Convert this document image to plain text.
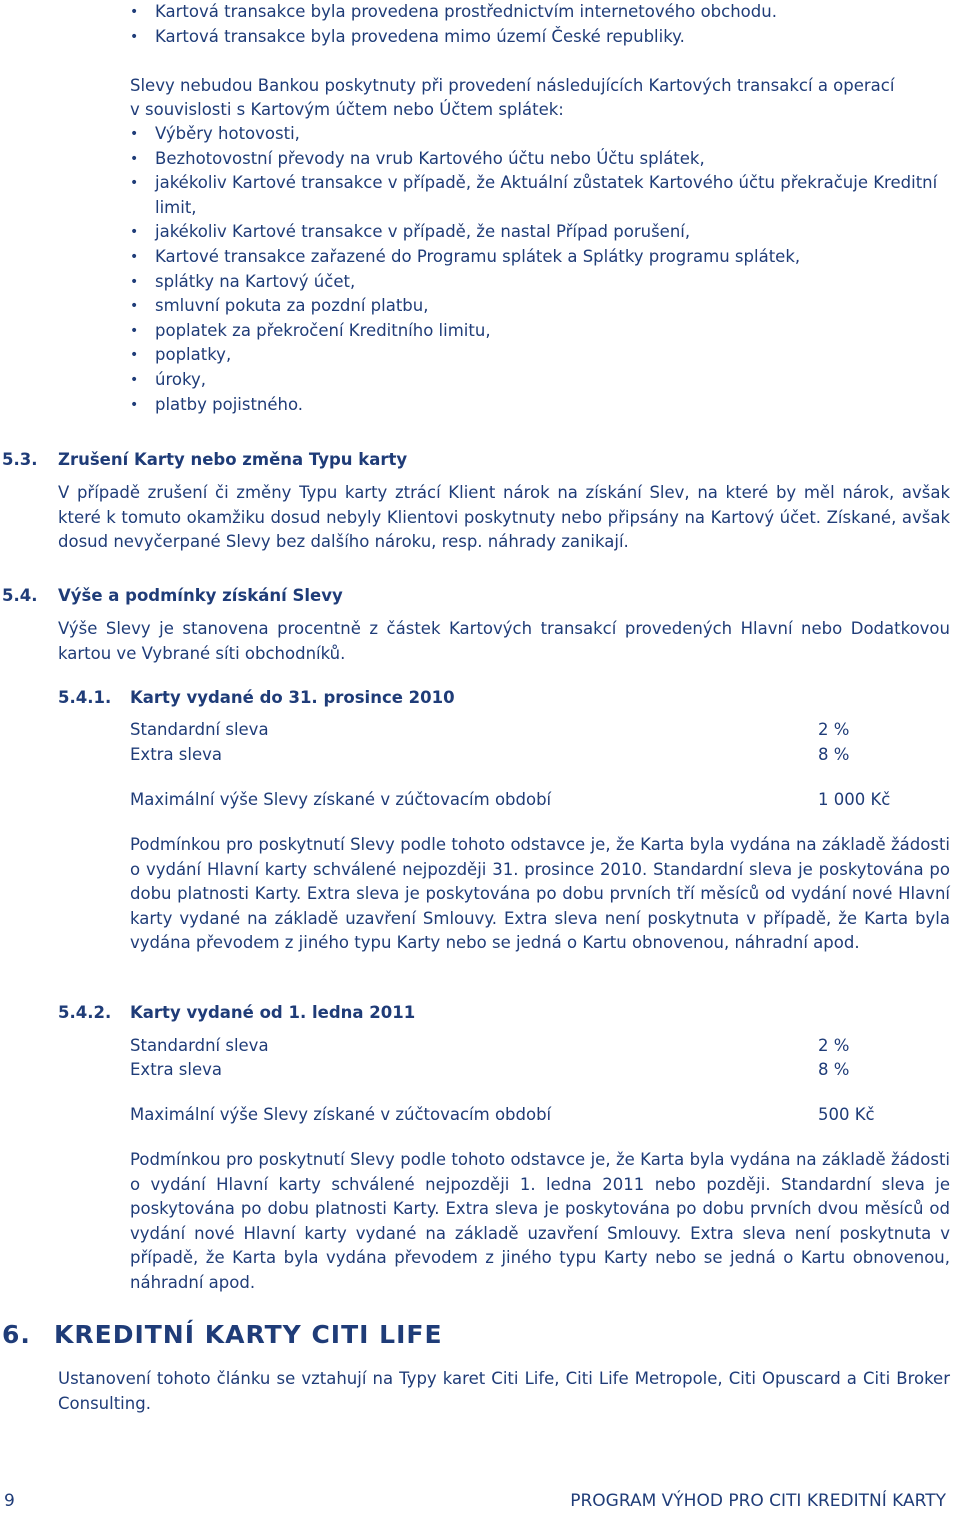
• Kartová transakce byla provedena prostřednictvím internetového obchodu.
• Kartová transakce byla provedena mimo území České republiky.
Slevy nebudou Bankou poskytnuty při provedení následujících Kartových transakcí a operací
v souvislosti s Kartovým účtem nebo Účtem splátek:
• Výběry hotovosti,
• Bezhotovostní převody na vrub Kartového účtu nebo Účtu splátek,
• jakékoliv Kartové transakce v případě, že Aktuální zůstatek Kartového účtu překračuje Kreditní limit,
• jakékoliv Kartové transakce v případě, že nastal Případ porušení,
• Kartové transakce zařazené do Programu splátek a Splátky programu splátek,
• splátky na Kartový účet,
• smluvní pokuta za pozdní platbu,
• poplatek za překročení Kreditního limitu,
• poplatky,
• úroky,
• platby pojistného.
5.3. Zrušení Karty nebo změna Typu karty
V případě zrušení či změny Typu karty ztrácí Klient nárok na získání Slev, na které by měl nárok, avšak které k tomuto okamžiku dosud nebyly Klientovi poskytnuty nebo připsány na Kartový účet. Získané, avšak dosud nevyčerpané Slevy bez dalšího nároku, resp. náhrady zanikají.
5.4. Výše a podmínky získání Slevy
Výše Slevy je stanovena procentně z částek Kartových transakcí provedených Hlavní nebo Dodatkovou kartou ve Vybrané síti obchodníků.
5.4.1. Karty vydané do 31. prosince 2010
Standardní sleva	2 %
Extra sleva	8 %
Maximální výše Slevy získané v zúčtovacím období	1 000 Kč
Podmínkou pro poskytnutí Slevy podle tohoto odstavce je, že Karta byla vydána na základě žádosti o vydání Hlavní karty schválené nejpozději 31. prosince 2010. Standardní sleva je poskytována po dobu platnosti Karty. Extra sleva je poskytována po dobu prvních tří měsíců od vydání nové Hlavní karty vydané na základě uzavření Smlouvy. Extra sleva není poskytnuta v případě, že Karta byla vydána převodem z jiného typu Karty nebo se jedná o Kartu obnovenou, náhradní apod.
5.4.2. Karty vydané od 1. ledna 2011
Standardní sleva	2 %
Extra sleva	8 %
Maximální výše Slevy získané v zúčtovacím období	500 Kč
Podmínkou pro poskytnutí Slevy podle tohoto odstavce je, že Karta byla vydána na základě žádosti o vydání Hlavní karty schválené nejpozději 1. ledna 2011 nebo později. Standardní sleva je poskytována po dobu platnosti Karty. Extra sleva je poskytována po dobu prvních dvou měsíců od vydání nové Hlavní karty vydané na základě uzavření Smlouvy. Extra sleva není poskytnuta v případě, že Karta byla vydána převodem z jiného typu Karty nebo se jedná o Kartu obnovenou, náhradní apod.
6. KREDITNÍ KARTY CITI LIFE
Ustanovení tohoto článku se vztahují na Typy karet Citi Life, Citi Life Metropole, Citi Opuscard a Citi Broker Consulting.
9	PROGRAM VÝHOD PRO CITI KREDITNÍ KARTY
